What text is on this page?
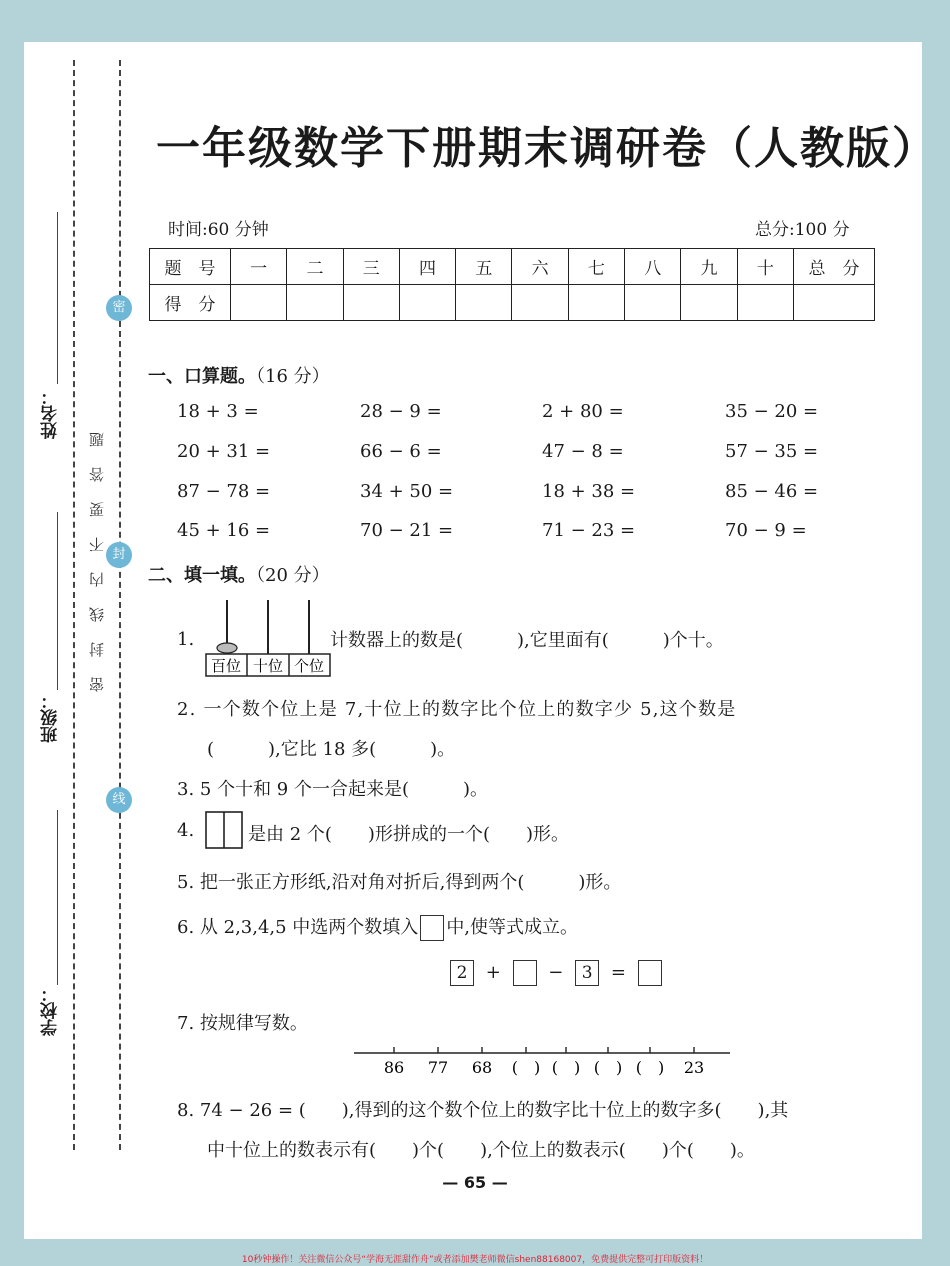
姓名：
班级：
学校：
密封线内不要答题
密
封
线
一年级数学下册期末调研卷（人教版）
时间:60 分钟	总分:100 分
题　号	一	二	三	四	五	六	七	八	九	十	总　分
得　分											
一、口算题。（16 分）
18 + 3 =	28 − 9 =	2 + 80 =	35 − 20 =
20 + 31 =	66 − 6 =	47 − 8 =	57 − 35 =
87 − 78 =	34 + 50 =	18 + 38 =	85 − 46 =
45 + 16 =	70 − 21 =	71 − 23 =	70 − 9 =
二、填一填。（20 分）
1.
百位 十位 个位
计数器上的数是(　　　),它里面有(　　　)个十。
2. 一个数个位上是 7,十位上的数字比个位上的数字少 5,这个数是
(　　　),它比 18 多(　　　)。
3. 5 个十和 9 个一合起来是(　　　)。
4.	是由 2 个(　　)形拼成的一个(　　)形。
5. 把一张正方形纸,沿对角对折后,得到两个(　　　)形。
6. 从 2,3,4,5 中选两个数填入 中,使等式成立。
2 +	− 3 =
7. 按规律写数。
86 77 68 (　) (　) (　) (　) 23
8. 74 − 26 = (　　),得到的这个数个位上的数字比十位上的数字多(　　),其
中十位上的数表示有(　　)个(　　),个位上的数表示(　　)个(　　)。
— 65 —
10秒钟操作！关注微信公众号“学海无涯甜作舟”或者添加樊老师微信shen88168007，免费提供完整可打印版资料！
